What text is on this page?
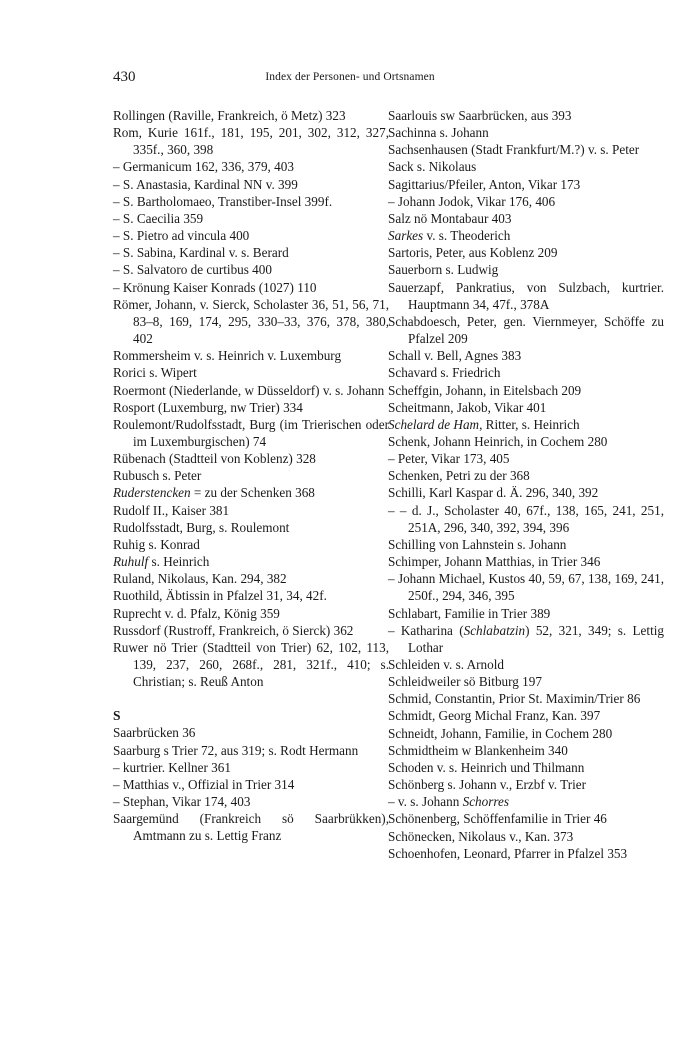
430	Index der Personen- und Ortsnamen

Rollingen (Raville, Frankreich, ö Metz) 323

Rom, Kurie 161f., 181, 195, 201, 302, 312, 327, 335f., 360, 398

– Germanicum 162, 336, 379, 403

– S. Anastasia, Kardinal NN v. 399

– S. Bartholomaeo, Transtiber-Insel 399f.

– S. Caecilia 359

– S. Pietro ad vincula 400

– S. Sabina, Kardinal v. s. Berard

– S. Salvatoro de curtibus 400

– Krönung Kaiser Konrads (1027) 110

Römer, Johann, v. Sierck, Scholaster 36, 51, 56, 71, 83–8, 169, 174, 295, 330–33, 376, 378, 380, 402

Rommersheim v. s. Heinrich v. Luxemburg

Rorici s. Wipert

Roermont (Niederlande, w Düsseldorf) v. s. Johann

Rosport (Luxemburg, nw Trier) 334

Roulemont/Rudolfsstadt, Burg (im Trierischen oder im Luxemburgischen) 74

Rübenach (Stadtteil von Koblenz) 328

Rubusch s. Peter

Ruderstencken = zu der Schenken 368

Rudolf II., Kaiser 381

Rudolfsstadt, Burg, s. Roulemont

Ruhig s. Konrad

Ruhulf s. Heinrich

Ruland, Nikolaus, Kan. 294, 382

Ruothild, Äbtissin in Pfalzel 31, 34, 42f.

Ruprecht v. d. Pfalz, König 359

Russdorf (Rustroff, Frankreich, ö Sierck) 362

Ruwer nö Trier (Stadtteil von Trier) 62, 102, 113, 139, 237, 260, 268f., 281, 321f., 410; s. Christian; s. Reuß Anton

S

Saarbrücken 36

Saarburg s Trier 72, aus 319; s. Rodt Hermann

– kurtrier. Kellner 361

– Matthias v., Offizial in Trier 314

– Stephan, Vikar 174, 403

Saargemünd (Frankreich sö Saarbrükken), Amtmann zu s. Lettig Franz

Saarlouis sw Saarbrücken, aus 393

Sachinna s. Johann

Sachsenhausen (Stadt Frankfurt/M.?) v. s. Peter

Sack s. Nikolaus

Sagittarius/Pfeiler, Anton, Vikar 173

– Johann Jodok, Vikar 176, 406

Salz nö Montabaur 403

Sarkes v. s. Theoderich

Sartoris, Peter, aus Koblenz 209

Sauerborn s. Ludwig

Sauerzapf, Pankratius, von Sulzbach, kurtrier. Hauptmann 34, 47f., 378A

Schabdoesch, Peter, gen. Viernmeyer, Schöffe zu Pfalzel 209

Schall v. Bell, Agnes 383

Schavard s. Friedrich

Scheffgin, Johann, in Eitelsbach 209

Scheitmann, Jakob, Vikar 401

Schelard de Ham, Ritter, s. Heinrich

Schenk, Johann Heinrich, in Cochem 280

– Peter, Vikar 173, 405

Schenken, Petri zu der 368

Schilli, Karl Kaspar d. Ä. 296, 340, 392

– – d. J., Scholaster 40, 67f., 138, 165, 241, 251, 251A, 296, 340, 392, 394, 396

Schilling von Lahnstein s. Johann

Schimper, Johann Matthias, in Trier 346

– Johann Michael, Kustos 40, 59, 67, 138, 169, 241, 250f., 294, 346, 395

Schlabart, Familie in Trier 389

– Katharina (Schlabatzin) 52, 321, 349; s. Lettig Lothar

Schleiden v. s. Arnold

Schleidweiler sö Bitburg 197

Schmid, Constantin, Prior St. Maximin/Trier 86

Schmidt, Georg Michal Franz, Kan. 397

Schneidt, Johann, Familie, in Cochem 280

Schmidtheim w Blankenheim 340

Schoden v. s. Heinrich und Thilmann

Schönberg s. Johann v., Erzbf v. Trier

– v. s. Johann Schorres

Schönenberg, Schöffenfamilie in Trier 46

Schönecken, Nikolaus v., Kan. 373

Schoenhofen, Leonard, Pfarrer in Pfalzel 353
